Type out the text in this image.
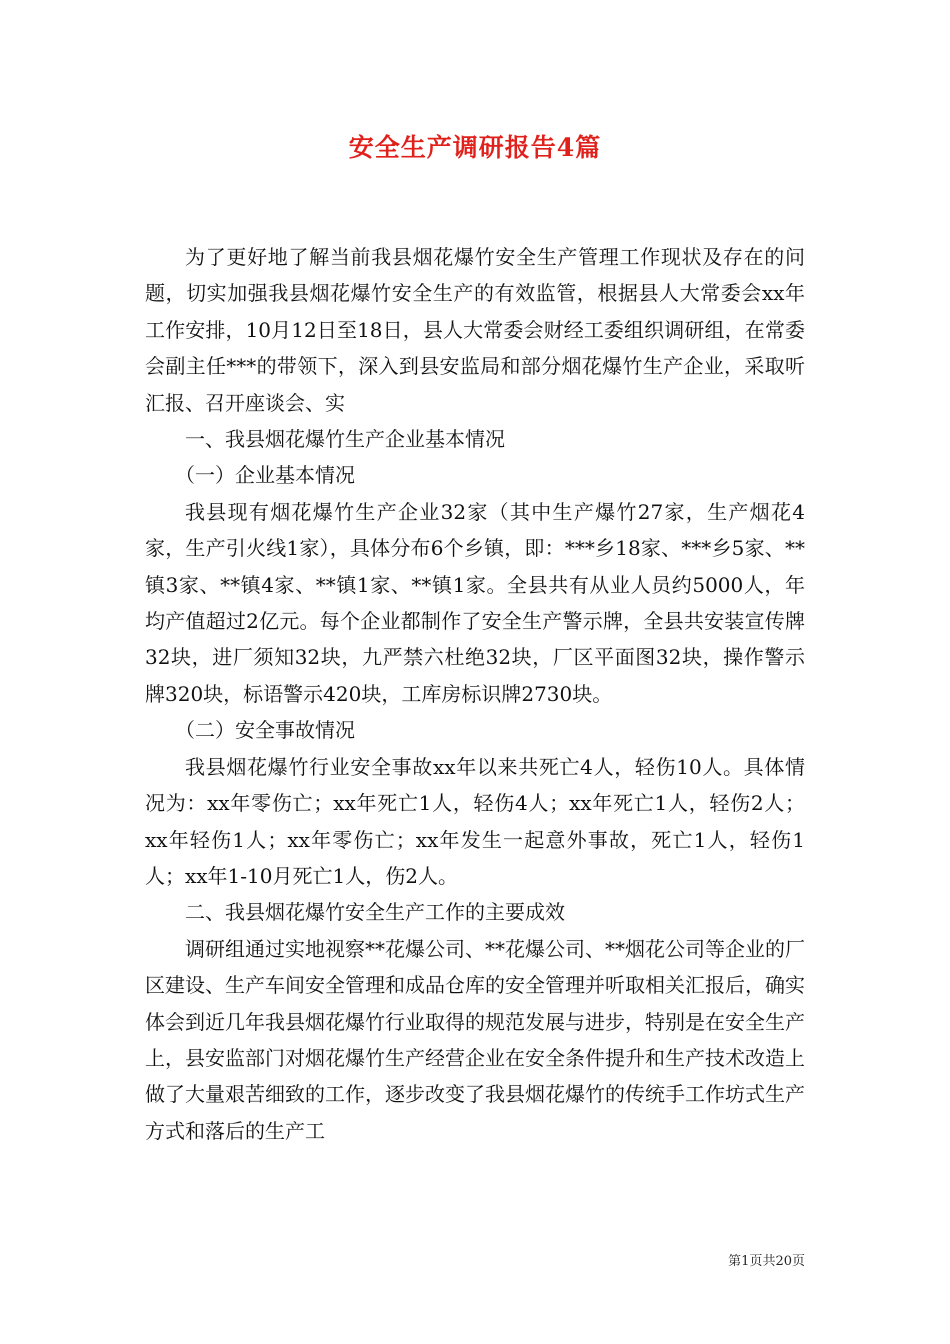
安全生产调研报告4篇

为了更好地了解当前我县烟花爆竹安全生产管理工作现状及存在的问题，切实加强我县烟花爆竹安全生产的有效监管，根据县人大常委会xx年工作安排，10月12日至18日，县人大常委会财经工委组织调研组，在常委会副主任***的带领下，深入到县安监局和部分烟花爆竹生产企业，采取听汇报、召开座谈会、实

一、我县烟花爆竹生产企业基本情况

（一）企业基本情况

我县现有烟花爆竹生产企业32家（其中生产爆竹27家，生产烟花4家，生产引火线1家），具体分布6个乡镇，即：***乡18家、***乡5家、**镇3家、**镇4家、**镇1家、**镇1家。全县共有从业人员约5000人，年均产值超过2亿元。每个企业都制作了安全生产警示牌，全县共安装宣传牌32块，进厂须知32块，九严禁六杜绝32块，厂区平面图32块，操作警示牌320块，标语警示420块，工库房标识牌2730块。

（二）安全事故情况

我县烟花爆竹行业安全事故xx年以来共死亡4人，轻伤10人。具体情况为：xx年零伤亡；xx年死亡1人，轻伤4人；xx年死亡1人，轻伤2人；xx年轻伤1人；xx年零伤亡；xx年发生一起意外事故，死亡1人，轻伤1人；xx年1-10月死亡1人，伤2人。

二、我县烟花爆竹安全生产工作的主要成效

调研组通过实地视察**花爆公司、**花爆公司、**烟花公司等企业的厂区建设、生产车间安全管理和成品仓库的安全管理并听取相关汇报后，确实体会到近几年我县烟花爆竹行业取得的规范发展与进步，特别是在安全生产上，县安监部门对烟花爆竹生产经营企业在安全条件提升和生产技术改造上做了大量艰苦细致的工作，逐步改变了我县烟花爆竹的传统手工作坊式生产方式和落后的生产工

第1页共20页
